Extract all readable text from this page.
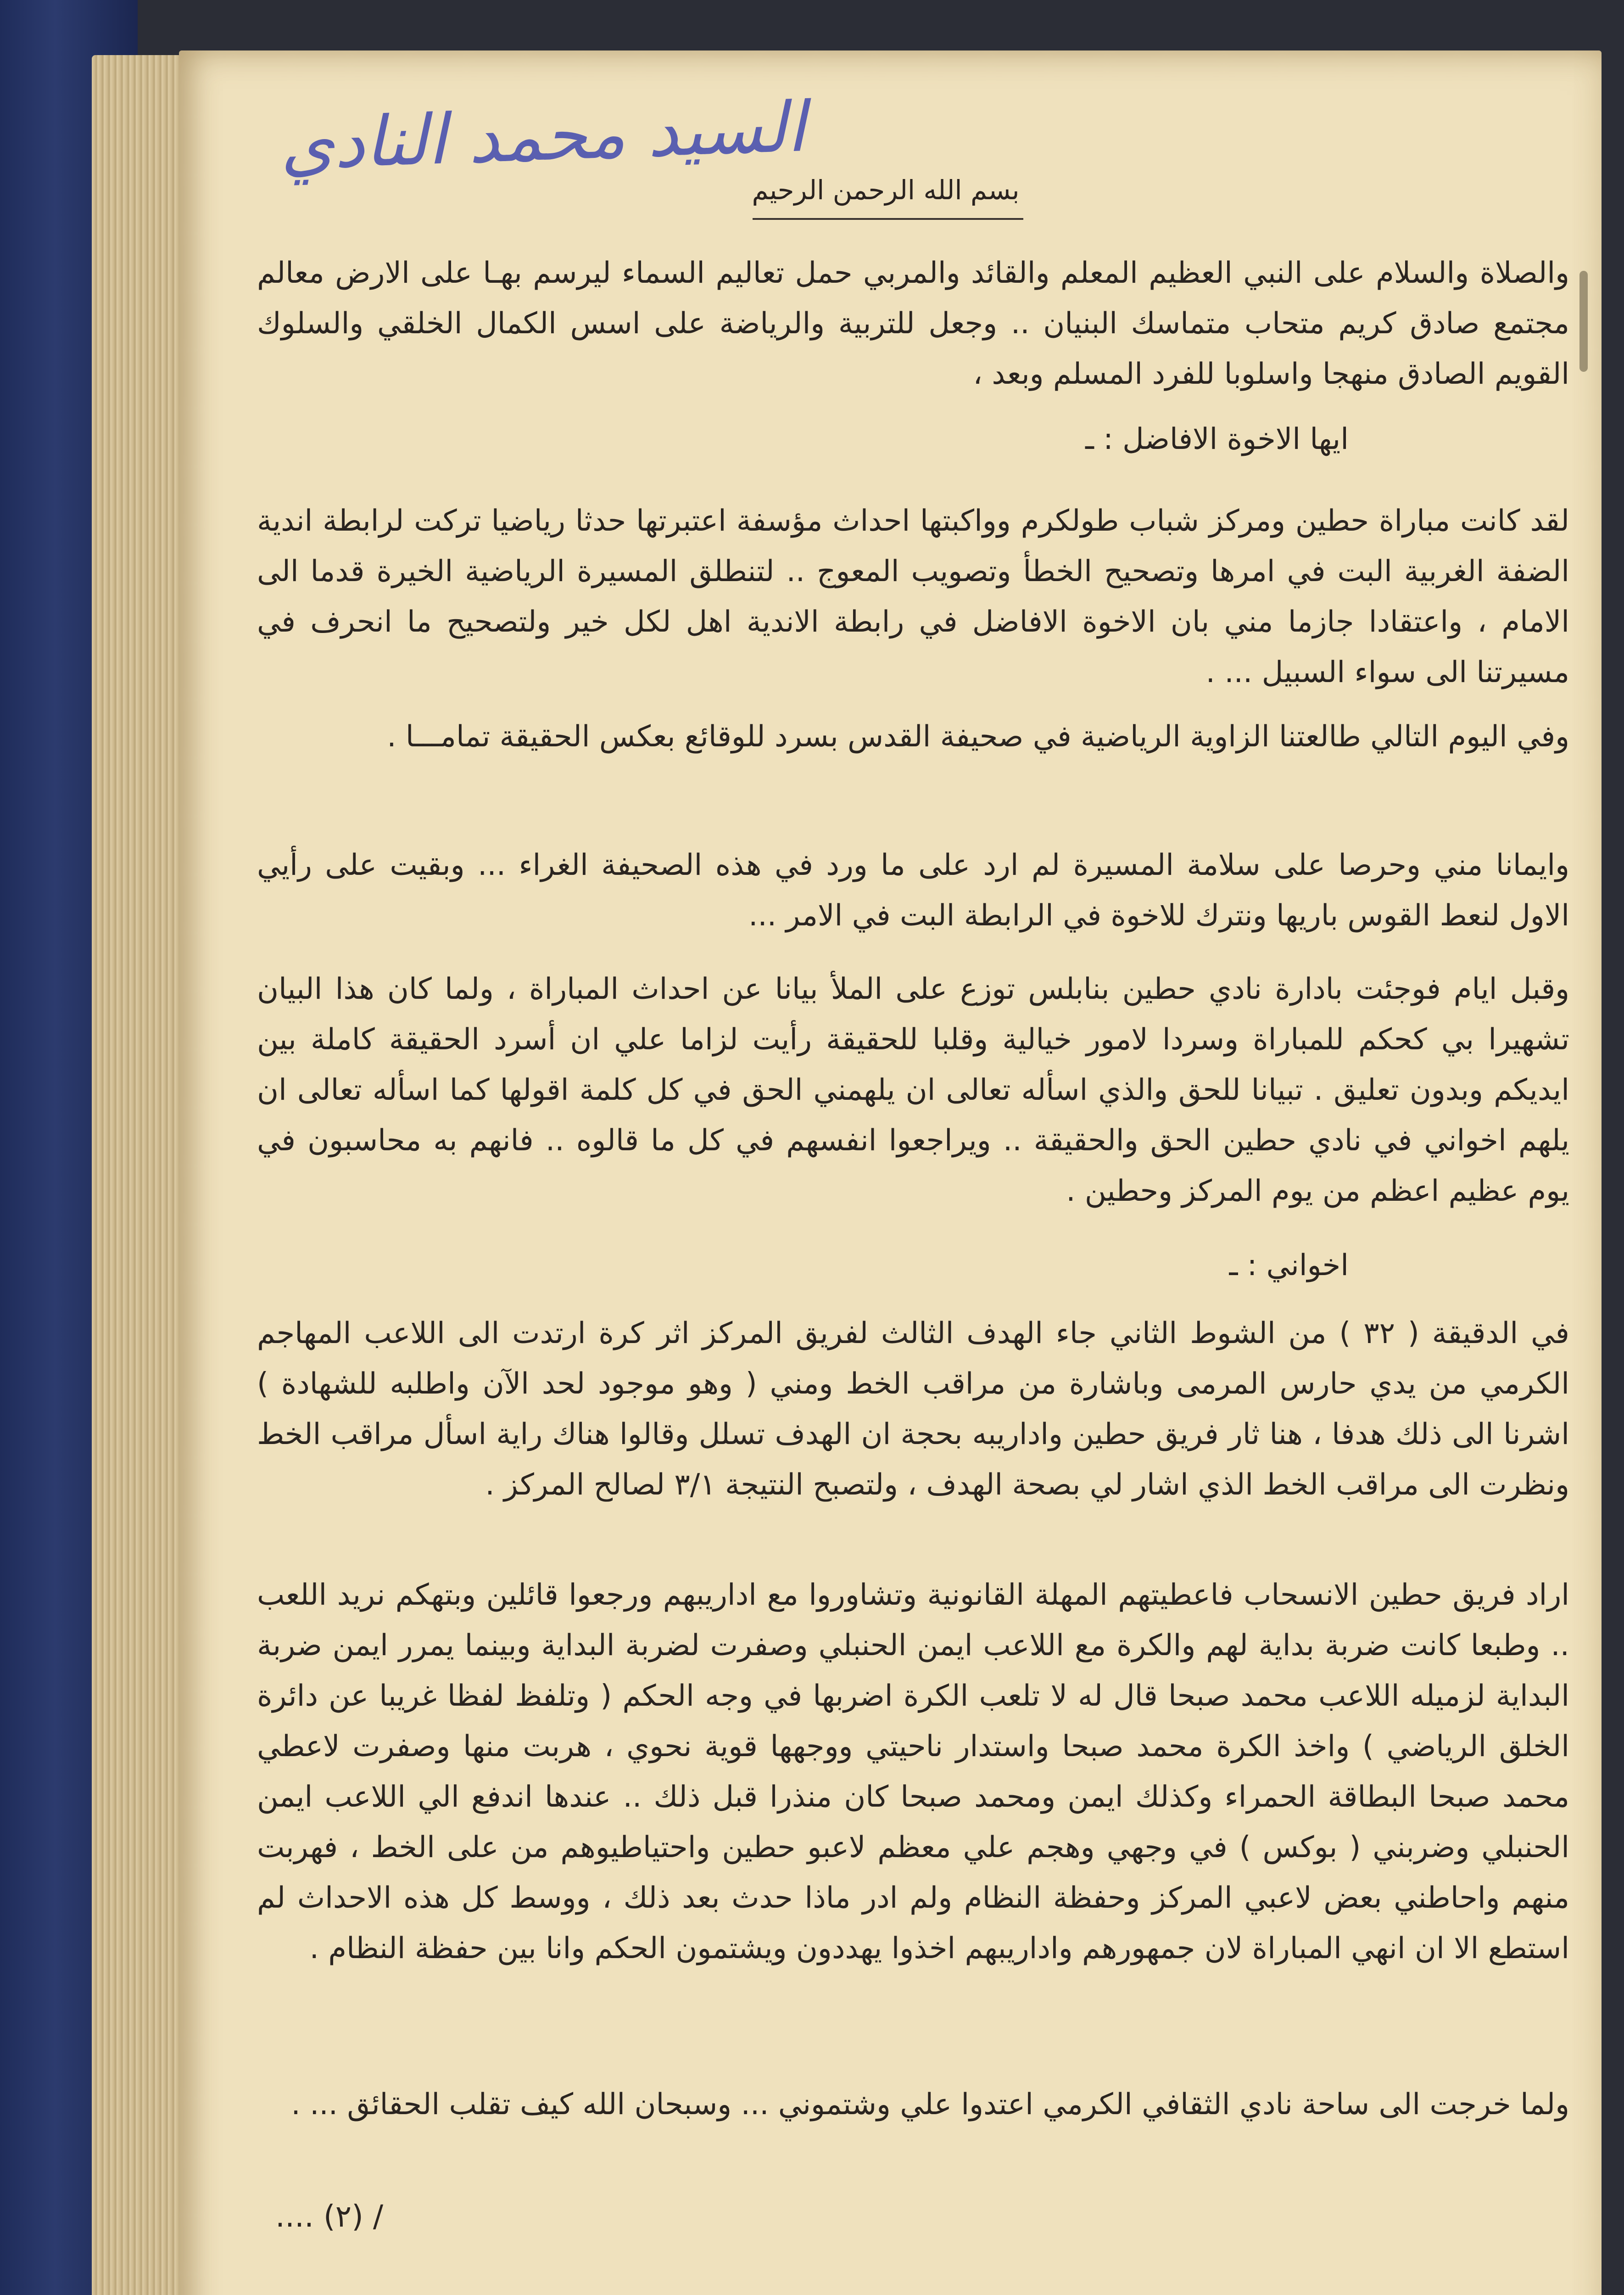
السيد محمد النادي
بسم الله الرحمن الرحيم

والصلاة والسلام على النبي العظيم المعلم والقائد والمربي حمل تعاليم السماء ليرسم بهـا على الارض معالم مجتمع صادق كريم متحاب متماسك البنيان .. وجعل للتربية والرياضة على اسس الكمال الخلقي والسلوك القويم الصادق منهجا واسلوبا للفرد المسلم وبعد ،

ايها الاخوة الافاضل : ـ

لقد كانت مباراة حطين ومركز شباب طولكرم وواكبتها احداث مؤسفة اعتبرتها حدثا رياضيا تركت لرابطة اندية الضفة الغربية البت في امرها وتصحيح الخطأ وتصويب المعوج .. لتنطلق المسيرة الرياضية الخيرة قدما الى الامام ، واعتقادا جازما مني بان الاخوة الافاضل في رابطة الاندية اهل لكل خير ولتصحيح ما انحرف في مسيرتنا الى سواء السبيل ... .

وفي اليوم التالي طالعتنا الزاوية الرياضية في صحيفة القدس بسرد للوقائع بعكس الحقيقة تمامـــا .

وايمانا مني وحرصا على سلامة المسيرة لم ارد على ما ورد في هذه الصحيفة الغراء ... وبقيت على رأيي الاول لنعط القوس باريها ونترك للاخوة في الرابطة البت في الامر ...

وقبل ايام فوجئت بادارة نادي حطين بنابلس توزع على الملأ بيانا عن احداث المباراة ، ولما كان هذا البيان تشهيرا بي كحكم للمباراة وسردا لامور خيالية وقلبا للحقيقة رأيت لزاما علي ان أسرد الحقيقة كاملة بين ايديكم وبدون تعليق . تبيانا للحق والذي اسأله تعالى ان يلهمني الحق في كل كلمة اقولها كما اسأله تعالى ان يلهم اخواني في نادي حطين الحق والحقيقة .. ويراجعوا انفسهم في كل ما قالوه .. فانهم به محاسبون في يوم عظيم اعظم من يوم المركز وحطين .

اخواني : ـ

في الدقيقة ( ٣٢ ) من الشوط الثاني جاء الهدف الثالث لفريق المركز اثر كرة ارتدت الى اللاعب المهاجم الكرمي من يدي حارس المرمى وباشارة من مراقب الخط ومني ( وهو موجود لحد الآن واطلبه للشهادة ) اشرنا الى ذلك هدفا ، هنا ثار فريق حطين واداريبه بحجة ان الهدف تسلل وقالوا هناك راية اسأل مراقب الخط ونظرت الى مراقب الخط الذي اشار لي بصحة الهدف ، ولتصبح النتيجة ٣/١ لصالح المركز .

اراد فريق حطين الانسحاب فاعطيتهم المهلة القانونية وتشاوروا مع اداريبهم ورجعوا قائلين وبتهكم نريد اللعب .. وطبعا كانت ضربة بداية لهم والكرة مع اللاعب ايمن الحنبلي وصفرت لضربة البداية وبينما يمرر ايمن ضربة البداية لزميله اللاعب محمد صبحا قال له لا تلعب الكرة اضربها في وجه الحكم ( وتلفظ لفظا غريبا عن دائرة الخلق الرياضي ) واخذ الكرة محمد صبحا واستدار ناحيتي ووجهها قوية نحوي ، هربت منها وصفرت لاعطي محمد صبحا البطاقة الحمراء وكذلك ايمن ومحمد صبحا كان منذرا قبل ذلك .. عندها اندفع الي اللاعب ايمن الحنبلي وضربني ( بوكس ) في وجهي وهجم علي معظم لاعبو حطين واحتياطيوهم من على الخط ، فهربت منهم واحاطني بعض لاعبي المركز وحفظة النظام ولم ادر ماذا حدث بعد ذلك ، ووسط كل هذه الاحداث لم استطع الا ان انهي المباراة لان جمهورهم واداريبهم اخذوا يهددون ويشتمون الحكم وانا بين حفظة النظام .

ولما خرجت الى ساحة نادي الثقافي الكرمي اعتدوا علي وشتموني ... وسبحان الله كيف تقلب الحقائق ... .

/ (٢) ....
